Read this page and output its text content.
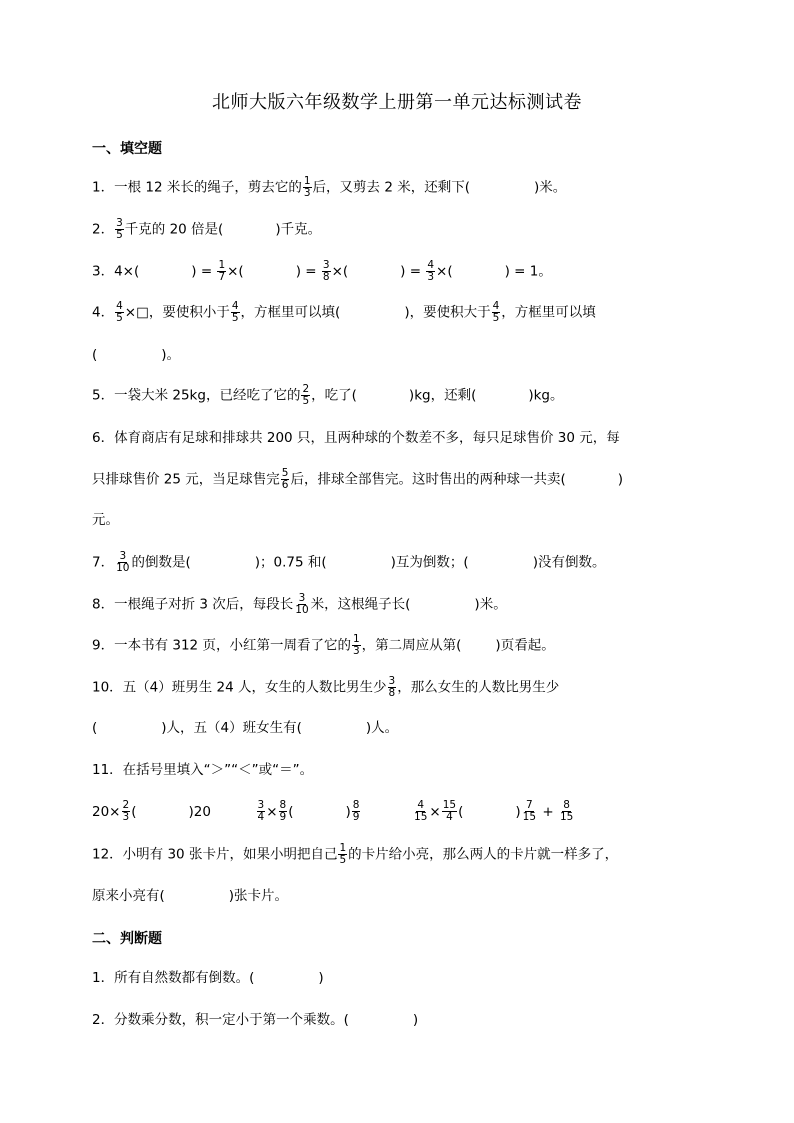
北师大版六年级数学上册第一单元达标测试卷
一、填空题
1．一根 12 米长的绳子，剪去它的 $\frac{1}{3}$ 后，又剪去 2 米，还剩下(	)米。
2． $\frac{3}{5}$ 千克的 20 倍是(	)千克。
3．4×(	) = $\frac{1}{7}$ ×(	) = $\frac{3}{8}$ ×(	) = $\frac{4}{3}$ ×(	) = 1。
4． $\frac{4}{5}$ ×□，要使积小于 $\frac{4}{5}$ ，方框里可以填(	)，要使积大于 $\frac{4}{5}$ ，方框里可以填
(	)。
5．一袋大米 25kg，已经吃了它的 $\frac{2}{5}$ ，吃了(	)kg，还剩(	)kg。
6．体育商店有足球和排球共 200 只，且两种球的个数差不多，每只足球售价 30 元，每
只排球售价 25 元，当足球售完 $\frac{5}{6}$ 后，排球全部售完。这时售出的两种球一共卖(	)
元。
7． $\frac{3}{10}$ 的倒数是(	)；0.75 和(	)互为倒数；(	)没有倒数。
8．一根绳子对折 3 次后，每段长 $\frac{3}{10}$ 米，这根绳子长(	)米。
9．一本书有 312 页，小红第一周看了它的 $\frac{1}{3}$ ，第二周应从第(	)页看起。
10．五（4）班男生 24 人，女生的人数比男生少 $\frac{3}{8}$ ，那么女生的人数比男生少
(	)人，五（4）班女生有(	)人。
11．在括号里填入“＞”“＜”或“＝”。
$20\times \frac{2}{3}$ (	)20	$\frac{3}{4} \times \frac{8}{9}$ (	) $\frac{8}{9}$
	$\frac{4}{15} \times \frac{15}{4}$ (	) $\frac{7}{15} + \frac{8}{15}$
12．小明有 30 张卡片，如果小明把自己 $\frac{1}{5}$ 的卡片给小亮，那么两人的卡片就一样多了，
原来小亮有(	)张卡片。
二、判断题
1．所有自然数都有倒数。(	)
2．分数乘分数，积一定小于第一个乘数。(	)
